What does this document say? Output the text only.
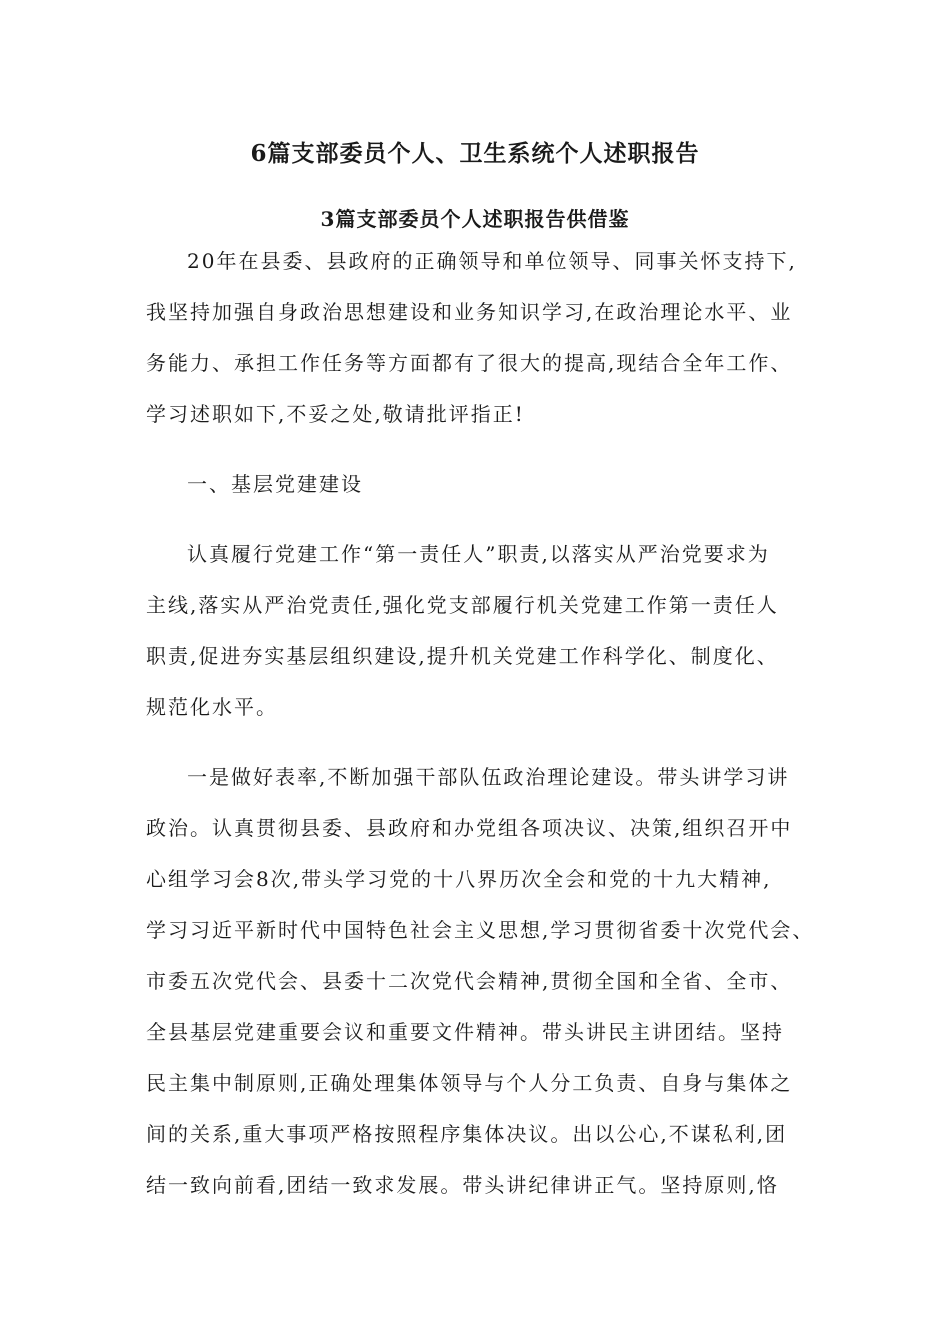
6篇支部委员个人、卫生系统个人述职报告
3篇支部委员个人述职报告供借鉴
20年在县委、县政府的正确领导和单位领导、同事关怀支持下,
我坚持加强自身政治思想建设和业务知识学习,在政治理论水平、业
务能力、承担工作任务等方面都有了很大的提高,现结合全年工作、
学习述职如下,不妥之处,敬请批评指正!
一、基层党建建设
认真履行党建工作“第一责任人”职责,以落实从严治党要求为
主线,落实从严治党责任,强化党支部履行机关党建工作第一责任人
职责,促进夯实基层组织建设,提升机关党建工作科学化、制度化、
规范化水平。
一是做好表率,不断加强干部队伍政治理论建设。带头讲学习讲
政治。认真贯彻县委、县政府和办党组各项决议、决策,组织召开中
心组学习会8次,带头学习党的十八界历次全会和党的十九大精神,
学习习近平新时代中国特色社会主义思想,学习贯彻省委十次党代会、
市委五次党代会、县委十二次党代会精神,贯彻全国和全省、全市、
全县基层党建重要会议和重要文件精神。带头讲民主讲团结。坚持
民主集中制原则,正确处理集体领导与个人分工负责、自身与集体之
间的关系,重大事项严格按照程序集体决议。出以公心,不谋私利,团
结一致向前看,团结一致求发展。带头讲纪律讲正气。坚持原则,恪
